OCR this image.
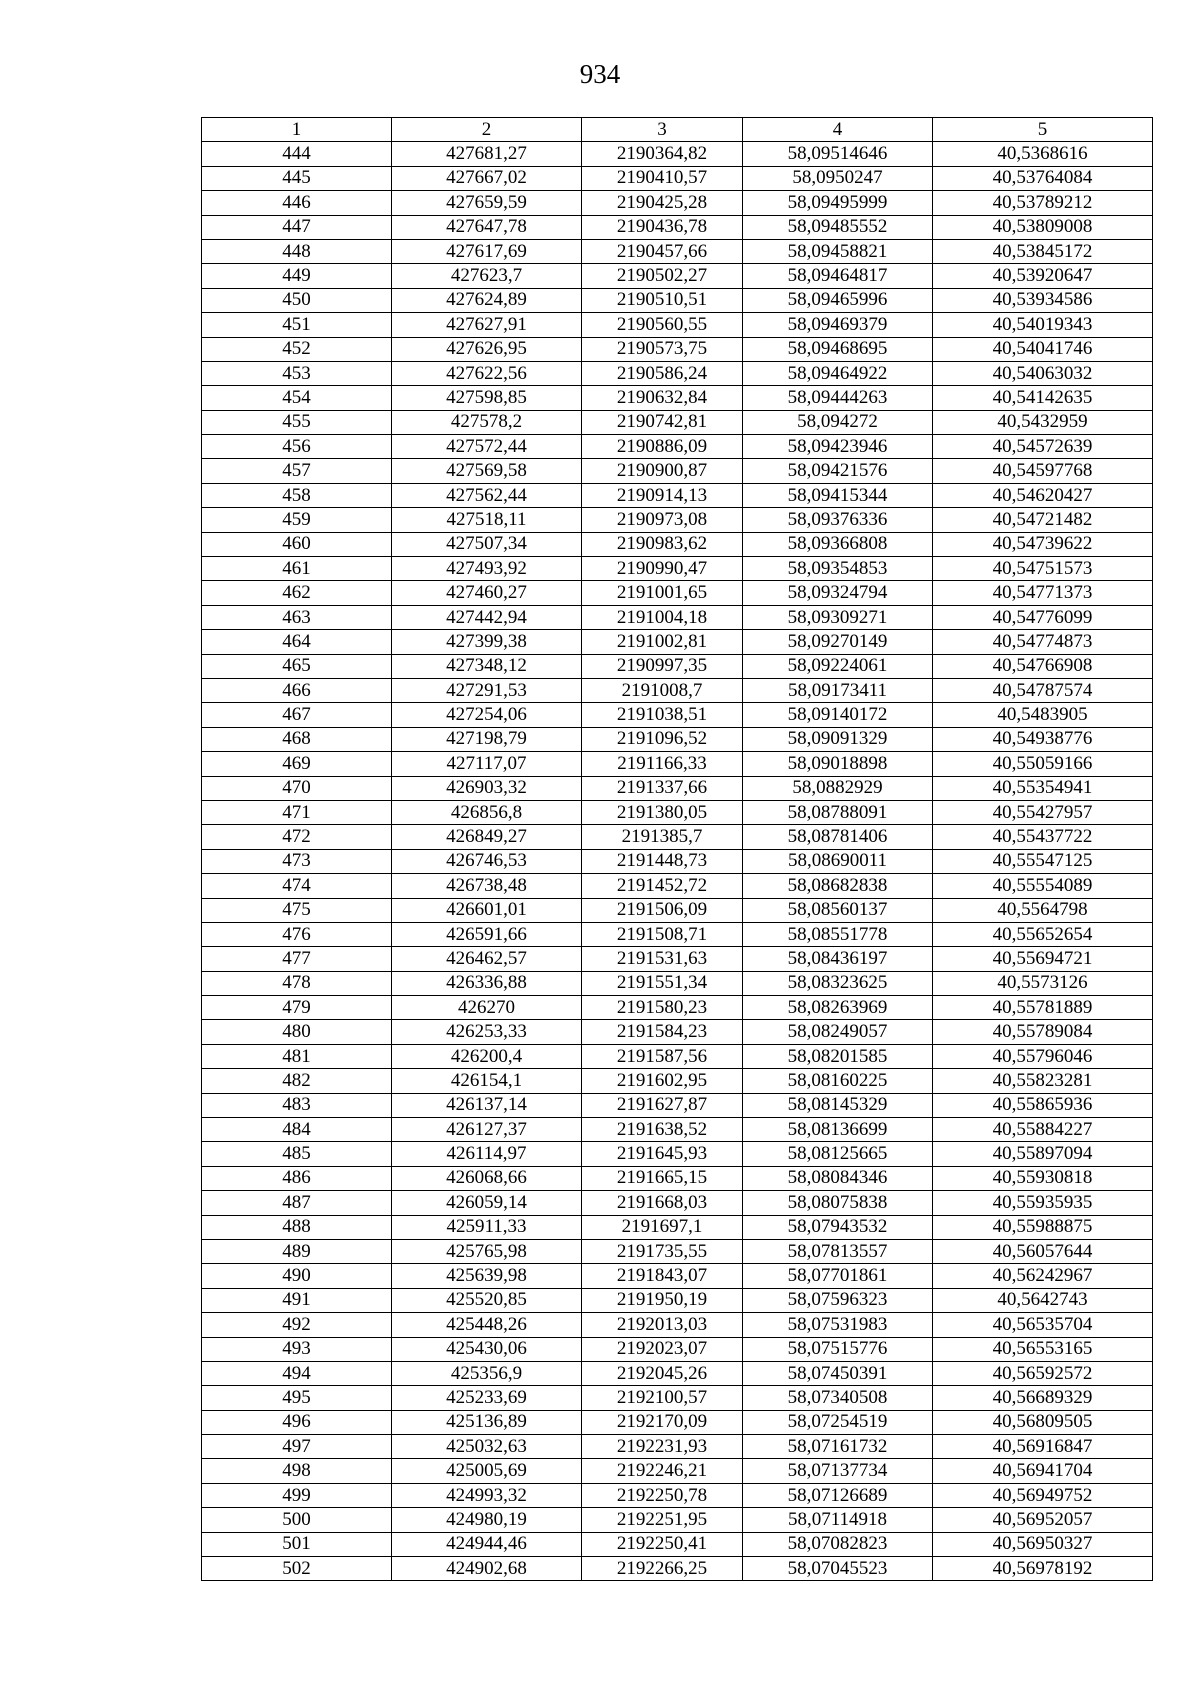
934
1	2	3	4	5
444	427681,27	2190364,82	58,09514646	40,5368616
445	427667,02	2190410,57	58,0950247	40,53764084
446	427659,59	2190425,28	58,09495999	40,53789212
447	427647,78	2190436,78	58,09485552	40,53809008
448	427617,69	2190457,66	58,09458821	40,53845172
449	427623,7	2190502,27	58,09464817	40,53920647
450	427624,89	2190510,51	58,09465996	40,53934586
451	427627,91	2190560,55	58,09469379	40,54019343
452	427626,95	2190573,75	58,09468695	40,54041746
453	427622,56	2190586,24	58,09464922	40,54063032
454	427598,85	2190632,84	58,09444263	40,54142635
455	427578,2	2190742,81	58,094272	40,5432959
456	427572,44	2190886,09	58,09423946	40,54572639
457	427569,58	2190900,87	58,09421576	40,54597768
458	427562,44	2190914,13	58,09415344	40,54620427
459	427518,11	2190973,08	58,09376336	40,54721482
460	427507,34	2190983,62	58,09366808	40,54739622
461	427493,92	2190990,47	58,09354853	40,54751573
462	427460,27	2191001,65	58,09324794	40,54771373
463	427442,94	2191004,18	58,09309271	40,54776099
464	427399,38	2191002,81	58,09270149	40,54774873
465	427348,12	2190997,35	58,09224061	40,54766908
466	427291,53	2191008,7	58,09173411	40,54787574
467	427254,06	2191038,51	58,09140172	40,5483905
468	427198,79	2191096,52	58,09091329	40,54938776
469	427117,07	2191166,33	58,09018898	40,55059166
470	426903,32	2191337,66	58,0882929	40,55354941
471	426856,8	2191380,05	58,08788091	40,55427957
472	426849,27	2191385,7	58,08781406	40,55437722
473	426746,53	2191448,73	58,08690011	40,55547125
474	426738,48	2191452,72	58,08682838	40,55554089
475	426601,01	2191506,09	58,08560137	40,5564798
476	426591,66	2191508,71	58,08551778	40,55652654
477	426462,57	2191531,63	58,08436197	40,55694721
478	426336,88	2191551,34	58,08323625	40,5573126
479	426270	2191580,23	58,08263969	40,55781889
480	426253,33	2191584,23	58,08249057	40,55789084
481	426200,4	2191587,56	58,08201585	40,55796046
482	426154,1	2191602,95	58,08160225	40,55823281
483	426137,14	2191627,87	58,08145329	40,55865936
484	426127,37	2191638,52	58,08136699	40,55884227
485	426114,97	2191645,93	58,08125665	40,55897094
486	426068,66	2191665,15	58,08084346	40,55930818
487	426059,14	2191668,03	58,08075838	40,55935935
488	425911,33	2191697,1	58,07943532	40,55988875
489	425765,98	2191735,55	58,07813557	40,56057644
490	425639,98	2191843,07	58,07701861	40,56242967
491	425520,85	2191950,19	58,07596323	40,5642743
492	425448,26	2192013,03	58,07531983	40,56535704
493	425430,06	2192023,07	58,07515776	40,56553165
494	425356,9	2192045,26	58,07450391	40,56592572
495	425233,69	2192100,57	58,07340508	40,56689329
496	425136,89	2192170,09	58,07254519	40,56809505
497	425032,63	2192231,93	58,07161732	40,56916847
498	425005,69	2192246,21	58,07137734	40,56941704
499	424993,32	2192250,78	58,07126689	40,56949752
500	424980,19	2192251,95	58,07114918	40,56952057
501	424944,46	2192250,41	58,07082823	40,56950327
502	424902,68	2192266,25	58,07045523	40,56978192
